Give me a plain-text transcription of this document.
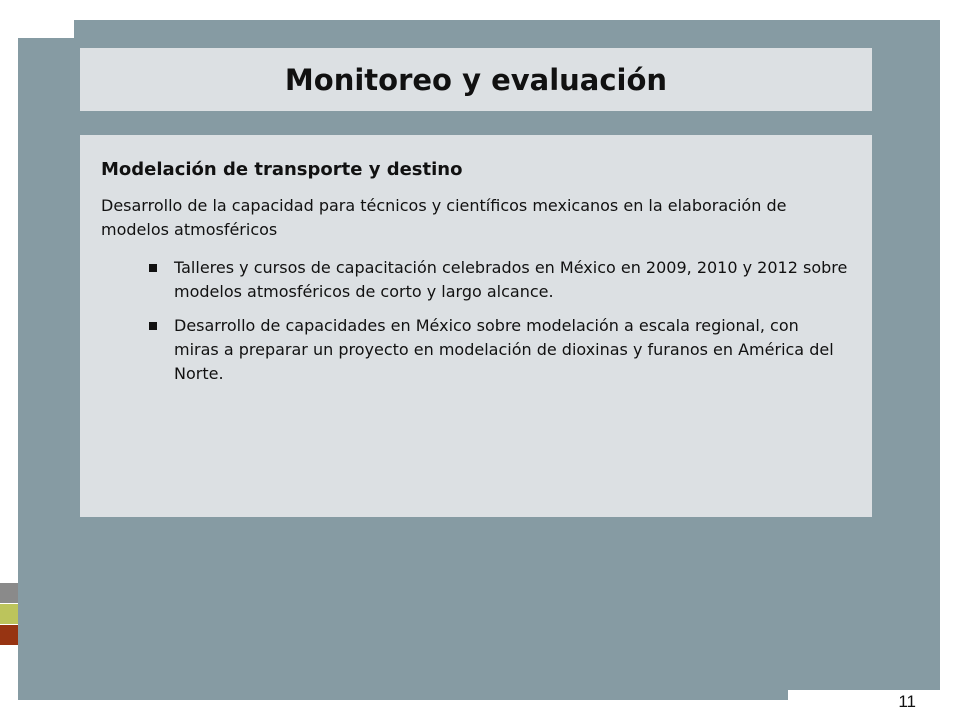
Monitoreo y evaluación
Modelación de transporte y destino

Desarrollo de la capacidad para técnicos y científicos mexicanos en la elaboración de modelos atmosféricos

Talleres y cursos de capacitación celebrados en México en 2009, 2010 y 2012 sobre modelos atmosféricos de corto y largo alcance.
Desarrollo de capacidades en México sobre modelación a escala regional, con miras a preparar un proyecto en modelación de dioxinas y furanos en América del Norte.
11
